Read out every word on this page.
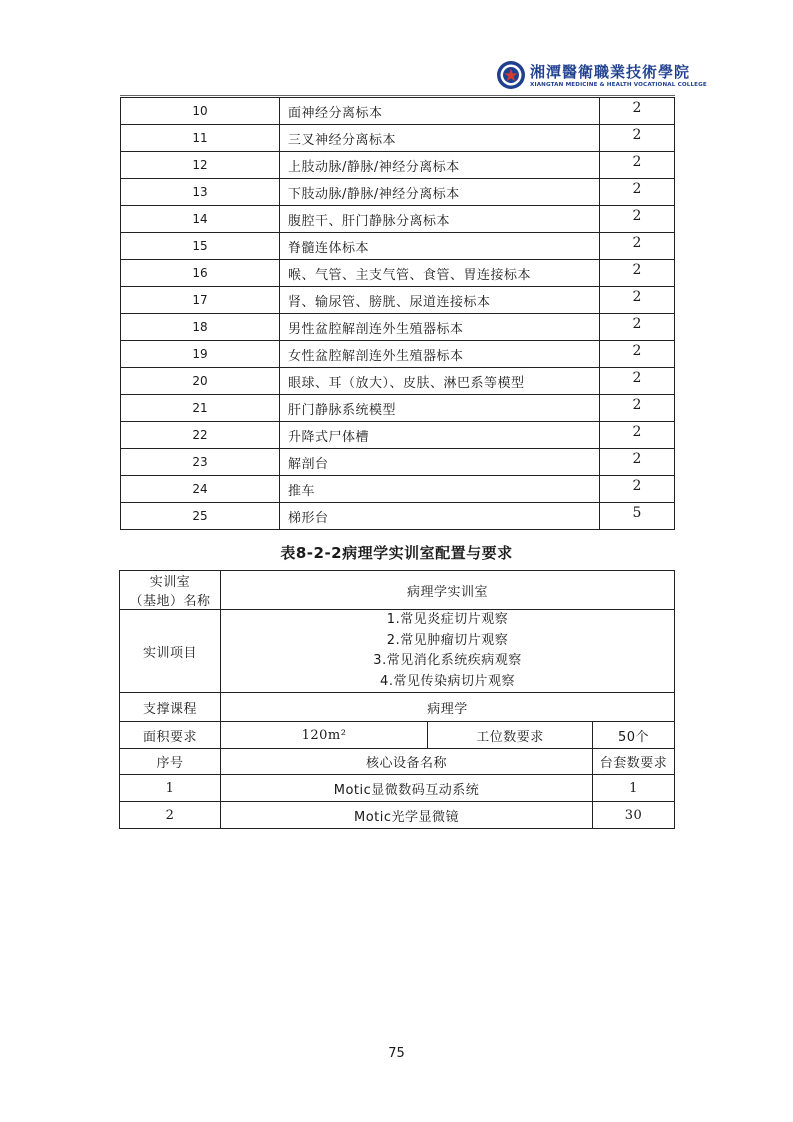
湘潭醫衛職業技術學院
XIANGTAN MEDICINE & HEALTH VOCATIONAL COLLEGE
10	面神经分离标本	2
11	三叉神经分离标本	2
12	上肢动脉/静脉/神经分离标本	2
13	下肢动脉/静脉/神经分离标本	2
14	腹腔干、肝门静脉分离标本	2
15	脊髓连体标本	2
16	喉、气管、主支气管、食管、胃连接标本	2
17	肾、输尿管、膀胱、尿道连接标本	2
18	男性盆腔解剖连外生殖器标本	2
19	女性盆腔解剖连外生殖器标本	2
20	眼球、耳（放大）、皮肤、淋巴系等模型	2
21	肝门静脉系统模型	2
22	升降式尸体槽	2
23	解剖台	2
24	推车	2
25	梯形台	5
表8-2-2病理学实训室配置与要求
实训室
（基地）名称	病理学实训室		
实训项目	1.常见炎症切片观察
2.常见肿瘤切片观察
3.常见消化系统疾病观察
4.常见传染病切片观察		

支撑课程	病理学		
面积要求	120m²	工位数要求	50个
序号	核心设备名称		台套数要求
1	Motic显微数码互动系统		1
2	Motic光学显微镜		30
75
